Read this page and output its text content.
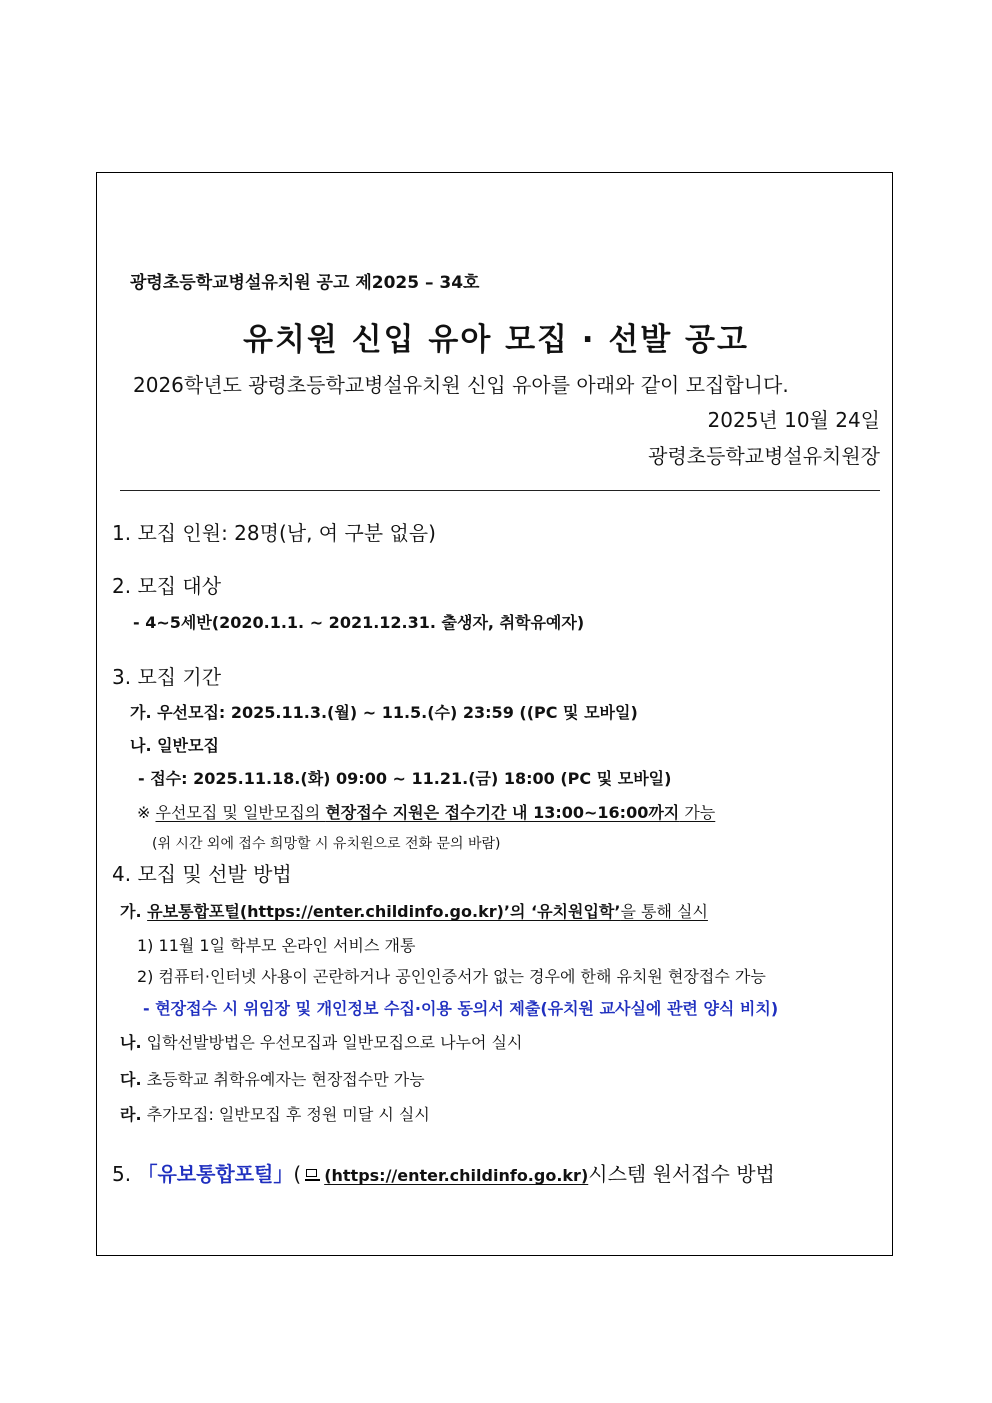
광령초등학교병설유치원 공고 제2025 – 34호
유치원 신입 유아 모집 · 선발 공고
2026학년도 광령초등학교병설유치원 신입 유아를 아래와 같이 모집합니다.
2025년 10월 24일
광령초등학교병설유치원장
1. 모집 인원: 28명(남, 여 구분 없음)
2. 모집 대상
- 4~5세반(2020.1.1. ~ 2021.12.31. 출생자, 취학유예자)
3. 모집 기간
가. 우선모집: 2025.11.3.(월) ~ 11.5.(수) 23:59 ((PC 및 모바일)
나. 일반모집
- 접수: 2025.11.18.(화) 09:00 ~ 11.21.(금) 18:00 (PC 및 모바일)
※ 우선모집 및 일반모집의 현장접수 지원은 접수기간 내 13:00~16:00까지 가능
(위 시간 외에 접수 희망할 시 유치원으로 전화 문의 바람)
4. 모집 및 선발 방법
가. 유보통합포털(https://enter.childinfo.go.kr)’의 ‘유치원입학’을 통해 실시
1) 11월 1일 학부모 온라인 서비스 개통
2) 컴퓨터·인터넷 사용이 곤란하거나 공인인증서가 없는 경우에 한해 유치원 현장접수 가능
- 현장접수 시 위임장 및 개인정보 수집·이용 동의서 제출(유치원 교사실에 관련 양식 비치)
나. 입학선발방법은 우선모집과 일반모집으로 나누어 실시
다. 초등학교 취학유예자는 현장접수만 가능
라. 추가모집: 일반모집 후 정원 미달 시 실시
5. 「유보통합포털」( (https://enter.childinfo.go.kr)시스템 원서접수 방법
